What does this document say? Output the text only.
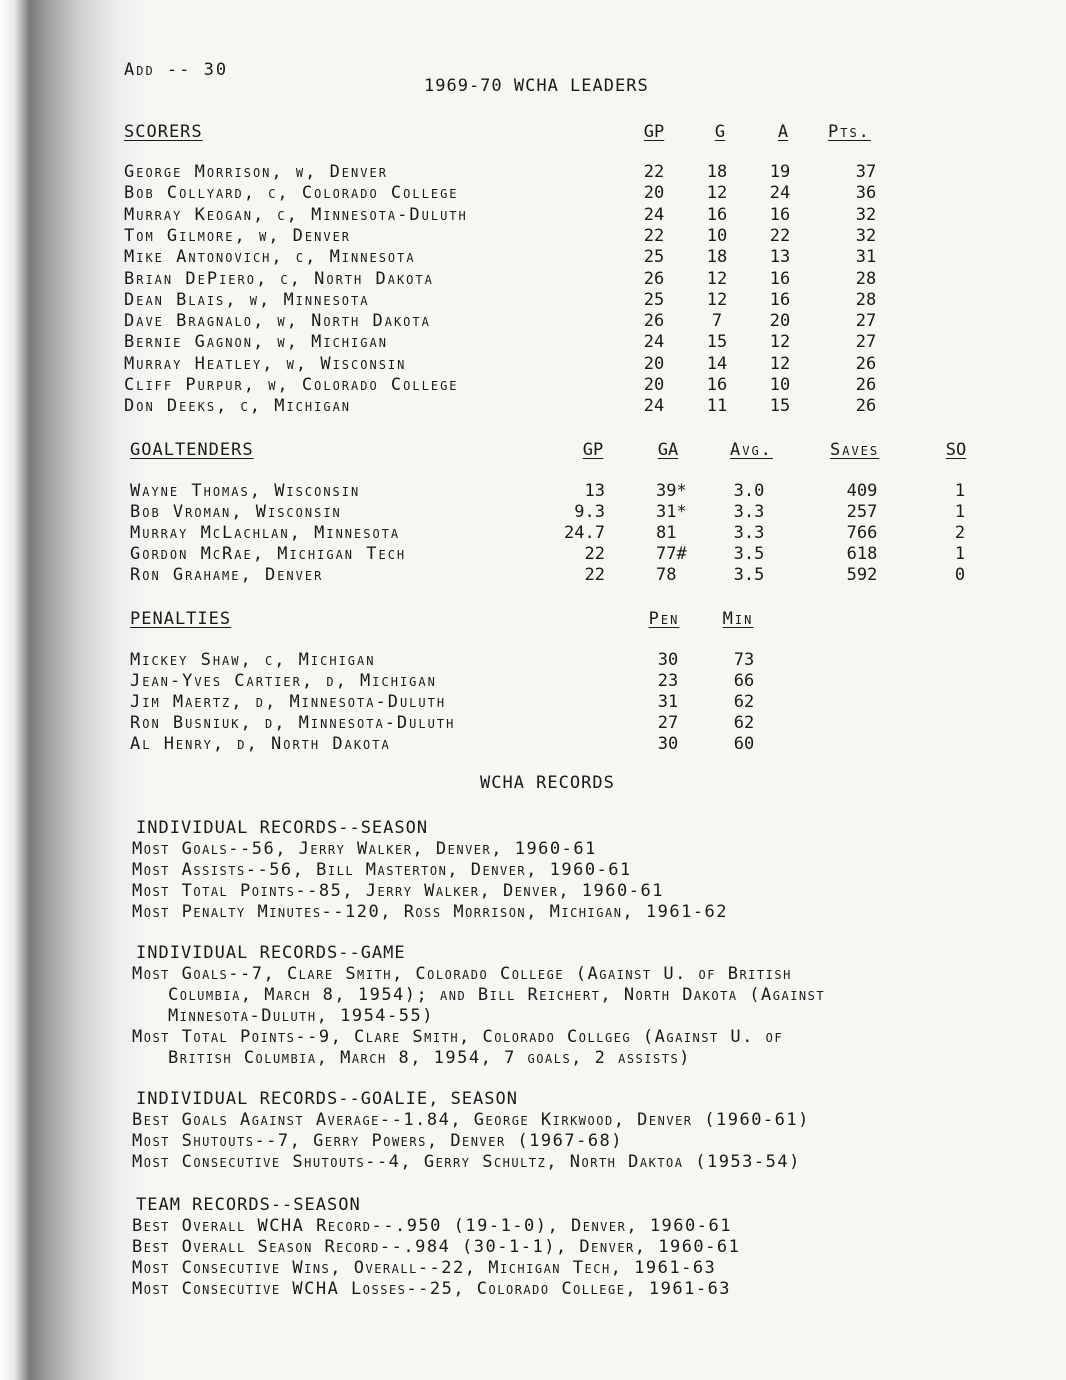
Add -- 30
1969-70 WCHA LEADERS
SCORERS	GP	G	A Pts.
George Morrison, w, Denver	22	18	19	37
Bob Collyard, c, Colorado College	20	12	24	36
Murray Keogan, c, Minnesota-Duluth	24	16	16	32
Tom Gilmore, w, Denver	22	10	22	32
Mike Antonovich, c, Minnesota	25	18	13	31
Brian DePiero, c, North Dakota	26	12	16	28
Dean Blais, w, Minnesota	25	12	16	28
Dave Bragnalo, w, North Dakota	26	7	20	27
Bernie Gagnon, w, Michigan	24	15	12	27
Murray Heatley, w, Wisconsin	20	14	12	26
Cliff Purpur, w, Colorado College	20	16	10	26
Don Deeks, c, Michigan	24	11	15	26
GOALTENDERS	GP	GA	Avg.	Saves	SO
Wayne Thomas, Wisconsin	13	39*	3.0	409	1
Bob Vroman, Wisconsin	9.3	31*	3.3	257	1
Murray McLachlan, Minnesota	24.7	81	3.3	766	2
Gordon McRae, Michigan Tech	22	77#	3.5	618	1
Ron Grahame, Denver	22	78	3.5	592	0
PENALTIES	Pen	Min
Mickey Shaw, c, Michigan	30	73
Jean-Yves Cartier, d, Michigan	23	66
Jim Maertz, d, Minnesota-Duluth	31	62
Ron Busniuk, d, Minnesota-Duluth	27	62
Al Henry, d, North Dakota	30	60
WCHA RECORDS
INDIVIDUAL RECORDS--SEASON
Most Goals--56, Jerry Walker, Denver, 1960-61
Most Assists--56, Bill Masterton, Denver, 1960-61
Most Total Points--85, Jerry Walker, Denver, 1960-61
Most Penalty Minutes--120, Ross Morrison, Michigan, 1961-62
INDIVIDUAL RECORDS--GAME
Most Goals--7, Clare Smith, Colorado College (Against U. of British
Columbia, March 8, 1954); and Bill Reichert, North Dakota (Against
Minnesota-Duluth, 1954-55)
Most Total Points--9, Clare Smith, Colorado Collgeg (Against U. of
British Columbia, March 8, 1954, 7 goals, 2 assists)
INDIVIDUAL RECORDS--GOALIE, SEASON
Best Goals Against Average--1.84, George Kirkwood, Denver (1960-61)
Most Shutouts--7, Gerry Powers, Denver (1967-68)
Most Consecutive Shutouts--4, Gerry Schultz, North Daktoa (1953-54)
TEAM RECORDS--SEASON
Best Overall WCHA Record--.950 (19-1-0), Denver, 1960-61
Best Overall Season Record--.984 (30-1-1), Denver, 1960-61
Most Consecutive Wins, Overall--22, Michigan Tech, 1961-63
Most Consecutive WCHA Losses--25, Colorado College, 1961-63
